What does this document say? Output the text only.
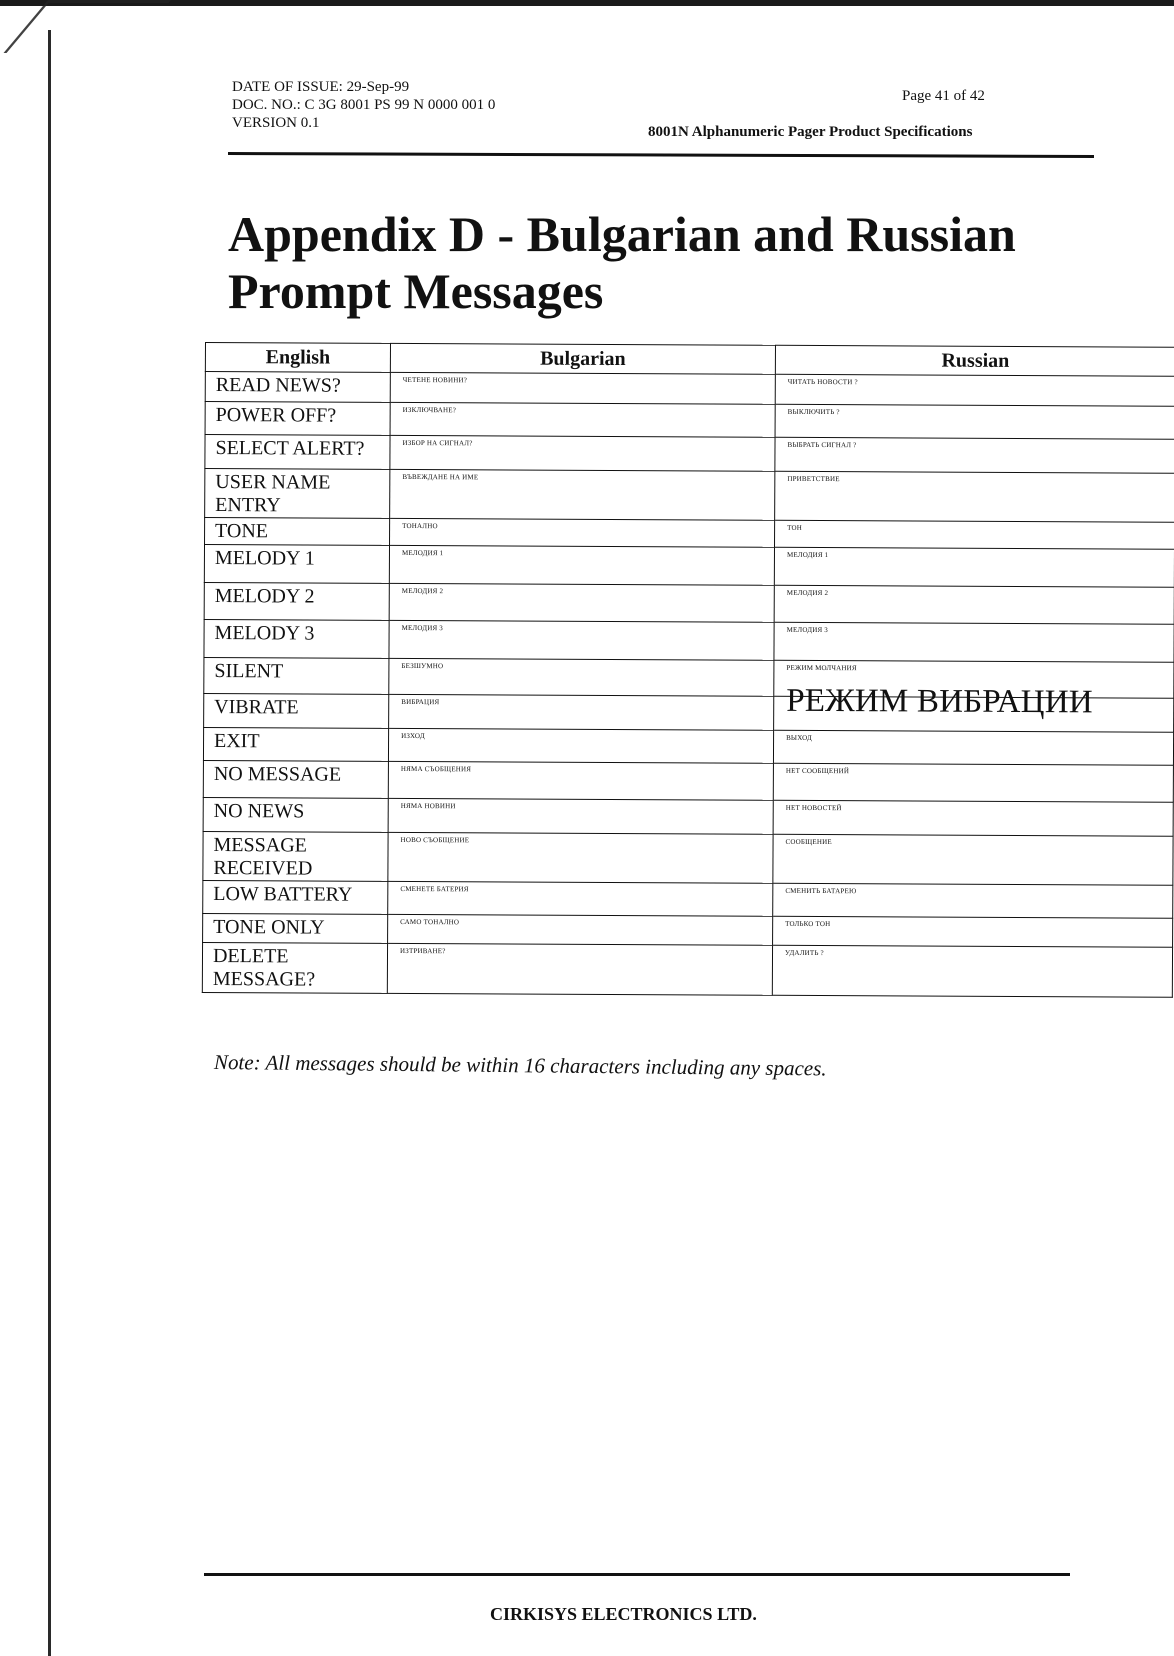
DATE OF ISSUE: 29-Sep-99
DOC. NO.: C 3G 8001 PS 99 N 0000 001 0
VERSION 0.1
Page 41 of 42
8001N Alphanumeric Pager Product Specifications
Appendix D - Bulgarian and Russian Prompt Messages
English	Bulgarian	Russian
READ NEWS?	ЧЕТЕНЕ НОВИНИ?	ЧИТАТЬ НОВОСТИ ?
POWER OFF?	ИЗКЛЮЧВАНЕ?	ВЫКЛЮЧИТЬ ?
SELECT ALERT?	ИЗБОР НА СИГНАЛ?	ВЫБРАТЬ СИГНАЛ ?
USER NAME ENTRY	ВЪВЕЖДАНЕ НА ИМЕ	ПРИВЕТСТВИЕ
TONE	ТОНАЛНО	ТОН
MELODY 1	МЕЛОДИЯ 1	МЕЛОДИЯ 1
MELODY 2	МЕЛОДИЯ 2	МЕЛОДИЯ 2
MELODY 3	МЕЛОДИЯ 3	МЕЛОДИЯ 3
SILENT	БЕЗШУМНО	РЕЖИМ МОЛЧАНИЯ
VIBRATE	ВИБРАЦИЯ	РЕЖИМ ВИБРАЦИИ
EXIT	ИЗХОД	ВЫХОД
NO MESSAGE	НЯМА СЪОБЩЕНИЯ	НЕТ СООБЩЕНИЙ
NO NEWS	НЯМА НОВИНИ	НЕТ НОВОСТЕЙ
MESSAGE RECEIVED	НОВО СЪОБЩЕНИЕ	СООБЩЕНИЕ
LOW BATTERY	СМЕНЕТЕ БАТЕРИЯ	СМЕНИТЬ БАТАРЕЮ
TONE ONLY	САМО ТОНАЛНО	ТОЛЬКО ТОН
DELETE MESSAGE?	ИЗТРИВАНЕ?	УДАЛИТЬ ?
Note: All messages should be within 16 characters including any spaces.
CIRKISYS ELECTRONICS LTD.
